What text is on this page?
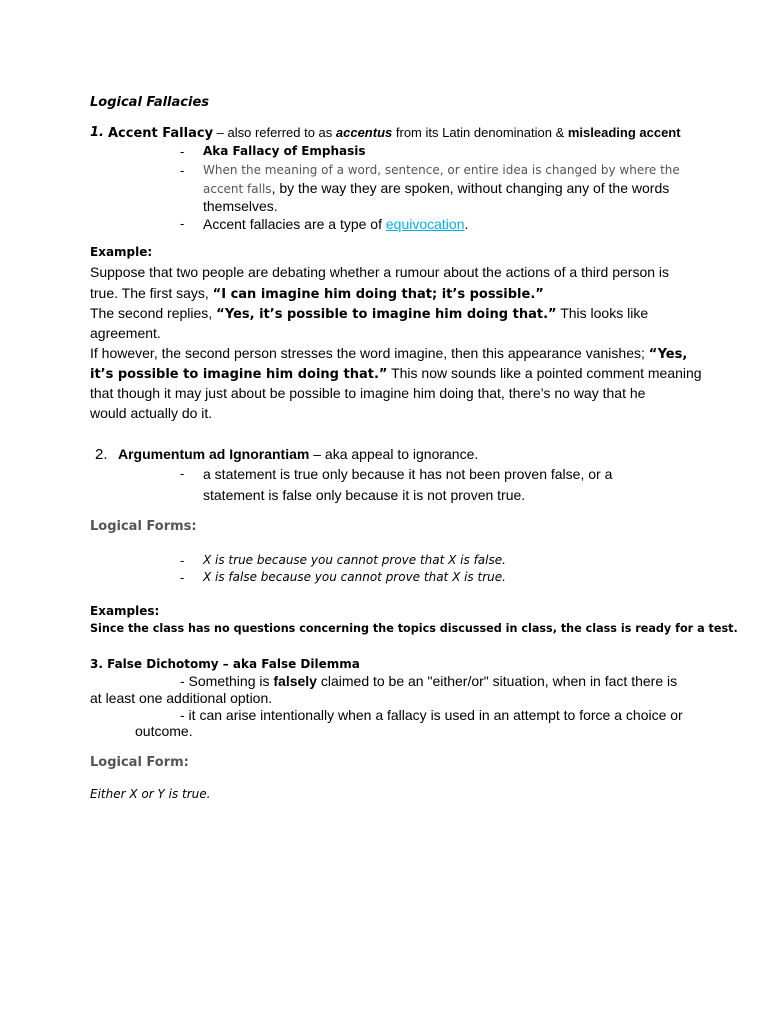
Logical Fallacies
1. Accent Fallacy – also referred to as accentus from its Latin denomination & misleading accent
- Aka Fallacy of Emphasis
- When the meaning of a word, sentence, or entire idea is changed by where the
accent falls, by the way they are spoken, without changing any of the words
themselves.
- Accent fallacies are a type of equivocation.
Example:
Suppose that two people are debating whether a rumour about the actions of a third person is
true. The first says, “I can imagine him doing that; it’s possible.”
The second replies, “Yes, it’s possible to imagine him doing that.” This looks like
agreement.
If however, the second person stresses the word imagine, then this appearance vanishes; “Yes,
it’s possible to imagine him doing that.” This now sounds like a pointed comment meaning
that though it may just about be possible to imagine him doing that, there’s no way that he
would actually do it.
2. Argumentum ad Ignorantiam – aka appeal to ignorance.
- a statement is true only because it has not been proven false, or a
statement is false only because it is not proven true.
Logical Forms:
- X is true because you cannot prove that X is false.
- X is false because you cannot prove that X is true.
Examples:
Since the class has no questions concerning the topics discussed in class, the class is ready for a test.
3. False Dichotomy – aka False Dilemma
- Something is falsely claimed to be an "either/or" situation, when in fact there is
at least one additional option.
- it can arise intentionally when a fallacy is used in an attempt to force a choice or
outcome.
Logical Form:
Either X or Y is true.
